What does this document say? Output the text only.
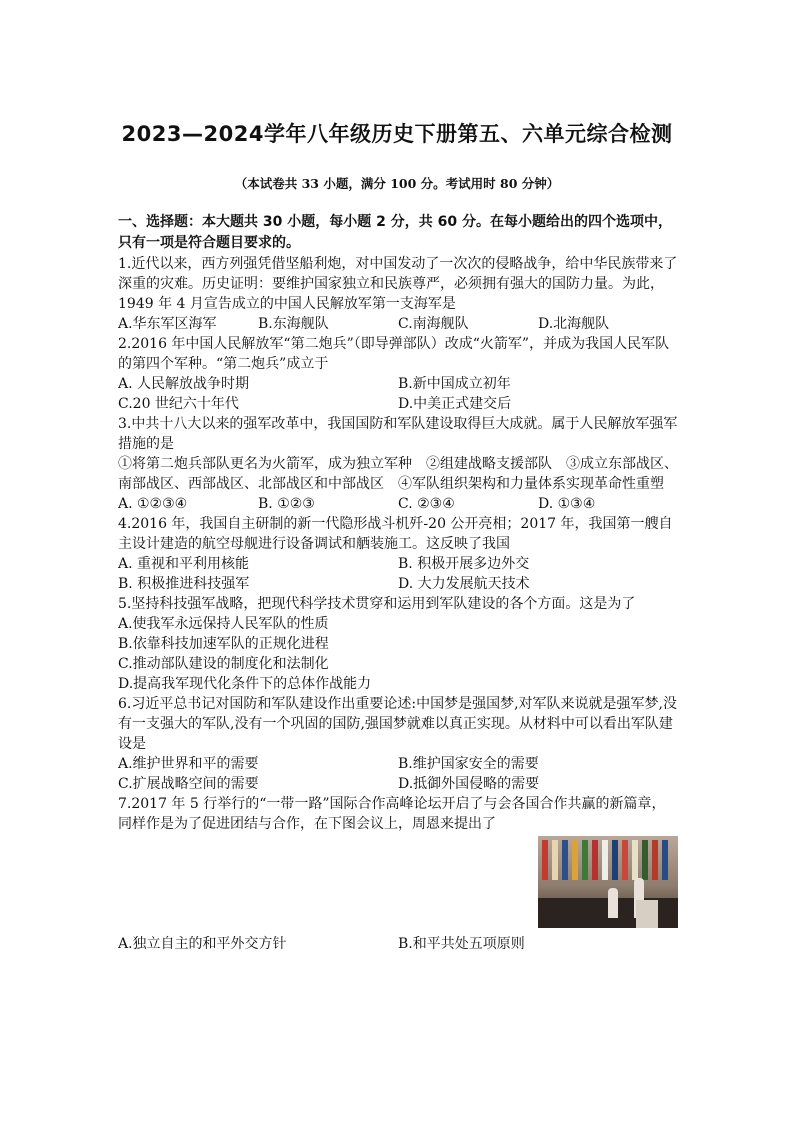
2023—2024学年八年级历史下册第五、六单元综合检测
（本试卷共 33 小题，满分 100 分。考试用时 80 分钟）
一、选择题：本大题共 30 小题，每小题 2 分，共 60 分。在每小题给出的四个选项中，只有一项是符合题目要求的。
1.近代以来，西方列强凭借坚船利炮，对中国发动了一次次的侵略战争，给中华民族带来了深重的灾难。历史证明：要维护国家独立和民族尊严，必须拥有强大的国防力量。为此，1949 年 4 月宣告成立的中国人民解放军第一支海军是
A.华东军区海军	B.东海舰队	C.南海舰队	D.北海舰队
2.2016 年中国人民解放军“第二炮兵”（即导弹部队）改成“火箭军”，并成为我国人民军队的第四个军种。“第二炮兵”成立于
A. 人民解放战争时期	B.新中国成立初年
C.20 世纪六十年代	D.中美正式建交后
3.中共十八大以来的强军改革中，我国国防和军队建设取得巨大成就。属于人民解放军强军措施的是
①将第二炮兵部队更名为火箭军，成为独立军种　②组建战略支援部队　③成立东部战区、南部战区、西部战区、北部战区和中部战区　④军队组织架构和力量体系实现革命性重塑
A. ①②③④	B. ①②③	C. ②③④	D. ①③④
4.2016 年，我国自主研制的新一代隐形战斗机歼-20 公开亮相；2017 年，我国第一艘自主设计建造的航空母舰进行设备调试和舾装施工。这反映了我国
A. 重视和平利用核能	B. 积极开展多边外交
B. 积极推进科技强军	D. 大力发展航天技术
5.坚持科技强军战略，把现代科学技术贯穿和运用到军队建设的各个方面。这是为了
A.使我军永远保持人民军队的性质
B.依靠科技加速军队的正规化进程
C.推动部队建设的制度化和法制化
D.提高我军现代化条件下的总体作战能力
6.习近平总书记对国防和军队建设作出重要论述:中国梦是强国梦,对军队来说就是强军梦,没有一支强大的军队,没有一个巩固的国防,强国梦就难以真正实现。从材料中可以看出军队建设是
A.维护世界和平的需要	B.维护国家安全的需要
C.扩展战略空间的需要	D.抵御外国侵略的需要
7.2017 年 5 行举行的“一带一路”国际合作高峰论坛开启了与会各国合作共赢的新篇章，同样作是为了促进团结与合作，在下图会议上，周恩来提出了
A.独立自主的和平外交方针	B.和平共处五项原则
